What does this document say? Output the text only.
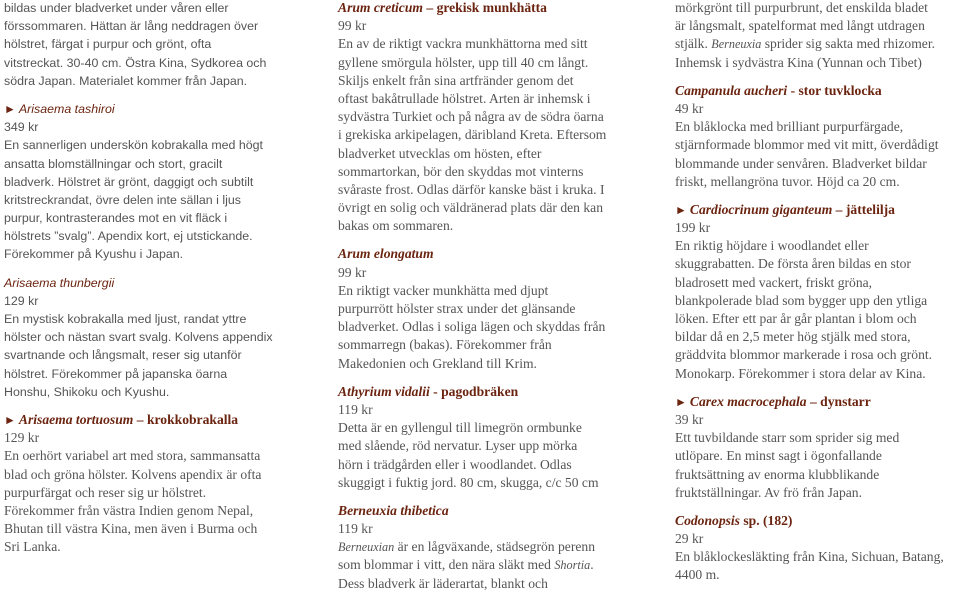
bildas under bladverket under våren eller
förssommaren. Hättan är lång neddragen över
hölstret, färgat i purpur och grönt, ofta
vitstreckat. 30-40 cm. Östra Kina, Sydkorea och
södra Japan. Materialet kommer från Japan.
► Arisaema tashiroi
349 kr
En sannerligen underskön kobrakalla med högt
ansatta blomställningar och stort, gracilt
bladverk. Hölstret är grönt, daggigt och subtilt
kritstreckrandat, övre delen inte sällan i ljus
purpur, kontrasterandes mot en vit fläck i
hölstrets ”svalg”. Apendix kort, ej utstickande.
Förekommer på Kyushu i Japan.
Arisaema thunbergii
129 kr
En mystisk kobrakalla med ljust, randat yttre
hölster och nästan svart svalg. Kolvens appendix
svartnande och långsmalt, reser sig utanför
hölstret. Förekommer på japanska öarna
Honshu, Shikoku och Kyushu.
► Arisaema tortuosum – krokkobrakalla
129 kr
En oerhört variabel art med stora, sammansatta
blad och gröna hölster. Kolvens apendix är ofta
purpurfärgat och reser sig ur hölstret.
Förekommer från västra Indien genom Nepal,
Bhutan till västra Kina, men även i Burma och
Sri Lanka.
Arum creticum – grekisk munkhätta
99 kr
En av de riktigt vackra munkhättorna med sitt
gyllene smörgula hölster, upp till 40 cm långt.
Skiljs enkelt från sina artfränder genom det
oftast bakåtrullade hölstret. Arten är inhemsk i
sydvästra Turkiet och på några av de södra öarna
i grekiska arkipelagen, däribland Kreta. Eftersom
bladverket utvecklas om hösten, efter
sommartorkan, bör den skyddas mot vinterns
svåraste frost. Odlas därför kanske bäst i kruka. I
övrigt en solig och väldränerad plats där den kan
bakas om sommaren.
Arum elongatum
99 kr
En riktigt vacker munkhätta med djupt
purpurrött hölster strax under det glänsande
bladverket. Odlas i soliga lägen och skyddas från
sommarregn (bakas). Förekommer från
Makedonien och Grekland till Krim.
Athyrium vidalii - pagodbräken
119 kr
Detta är en gyllengul till limegrön ormbunke
med slående, röd nervatur. Lyser upp mörka
hörn i trädgården eller i woodlandet. Odlas
skuggigt i fuktig jord. 80 cm, skugga, c/c 50 cm
Berneuxia thibetica
119 kr
Berneuxian är en lågväxande, städsegrön perenn
som blommar i vitt, den nära släkt med Shortia.
Dess bladverk är läderartat, blankt och
mörkgrönt till purpurbrunt, det enskilda bladet
är långsmalt, spatelformat med långt utdragen
stjälk. Berneuxia sprider sig sakta med rhizomer.
Inhemsk i sydvästra Kina (Yunnan och Tibet)
Campanula aucheri - stor tuvklocka
49 kr
En blåklocka med brilliant purpurfärgade,
stjärnformade blommor med vit mitt, överdådigt
blommande under senvåren. Bladverket bildar
friskt, mellangröna tuvor. Höjd ca 20 cm.
► Cardiocrinum giganteum – jättelilja
199 kr
En riktig höjdare i woodlandet eller
skuggrabatten. De första åren bildas en stor
bladrosett med vackert, friskt gröna,
blankpolerade blad som bygger upp den ytliga
löken. Efter ett par år går plantan i blom och
bildar då en 2,5 meter hög stjälk med stora,
gräddvita blommor markerade i rosa och grönt.
Monokarp. Förekommer i stora delar av Kina.
► Carex macrocephala – dynstarr
39 kr
Ett tuvbildande starr som sprider sig med
utlöpare. En minst sagt i ögonfallande
fruktsättning av enorma klubblikande
fruktställningar. Av frö från Japan.
Codonopsis sp. (182)
29 kr
En blåklockesläkting från Kina, Sichuan, Batang,
4400 m.
